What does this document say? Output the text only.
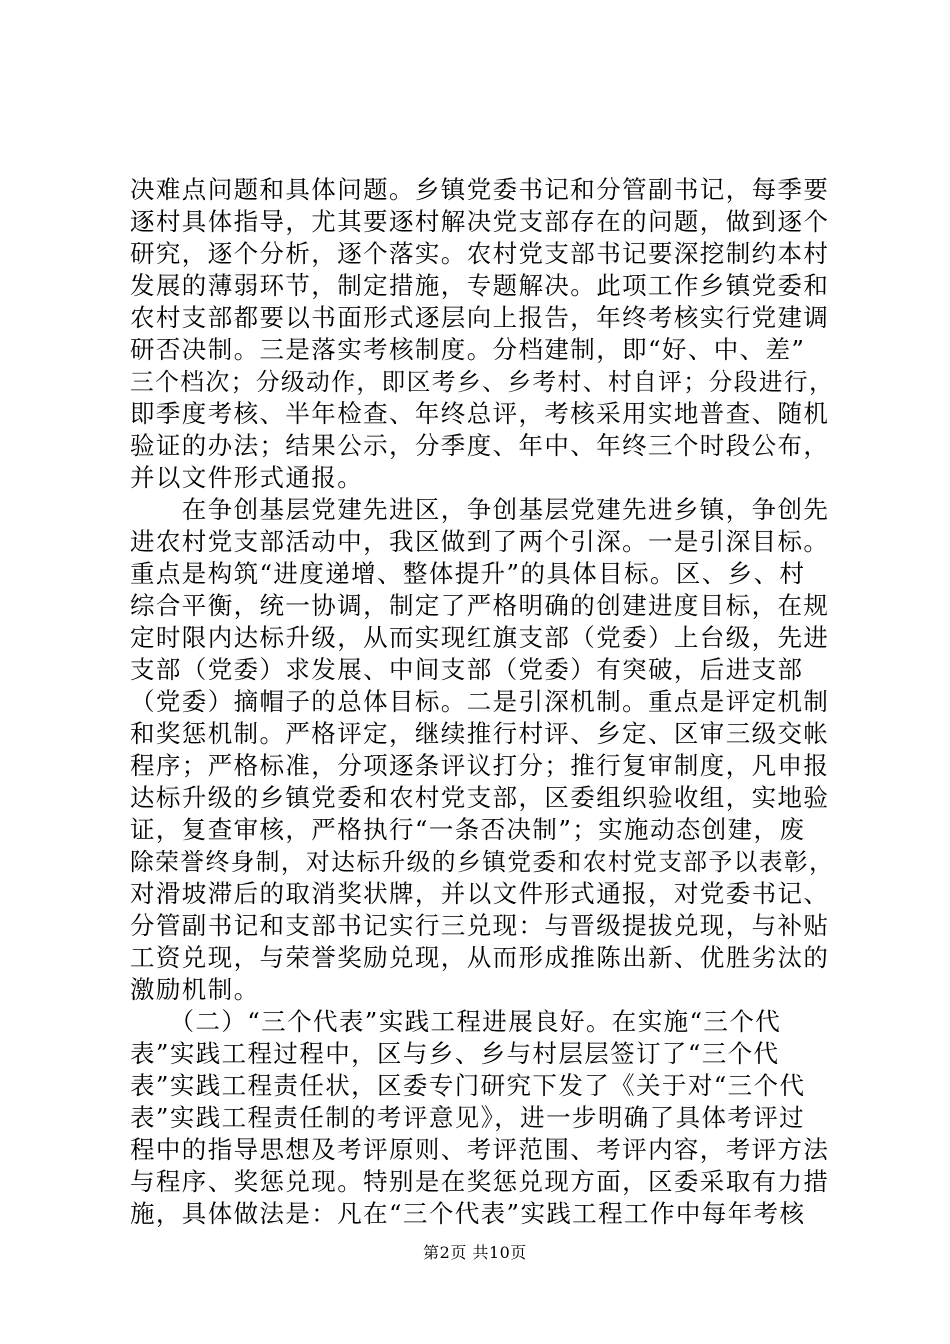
决难点问题和具体问题。乡镇党委书记和分管副书记，每季要
逐村具体指导，尤其要逐村解决党支部存在的问题，做到逐个
研究，逐个分析，逐个落实。农村党支部书记要深挖制约本村
发展的薄弱环节，制定措施，专题解决。此项工作乡镇党委和
农村支部都要以书面形式逐层向上报告，年终考核实行党建调
研否决制。三是落实考核制度。分档建制，即“好、中、差”
三个档次；分级动作，即区考乡、乡考村、村自评；分段进行，
即季度考核、半年检查、年终总评，考核采用实地普查、随机
验证的办法；结果公示，分季度、年中、年终三个时段公布，
并以文件形式通报。
　　在争创基层党建先进区，争创基层党建先进乡镇，争创先
进农村党支部活动中，我区做到了两个引深。一是引深目标。
重点是构筑“进度递增、整体提升”的具体目标。区、乡、村
综合平衡，统一协调，制定了严格明确的创建进度目标，在规
定时限内达标升级，从而实现红旗支部（党委）上台级，先进
支部（党委）求发展、中间支部（党委）有突破，后进支部
（党委）摘帽子的总体目标。二是引深机制。重点是评定机制
和奖惩机制。严格评定，继续推行村评、乡定、区审三级交帐
程序；严格标准，分项逐条评议打分；推行复审制度，凡申报
达标升级的乡镇党委和农村党支部，区委组织验收组，实地验
证，复查审核，严格执行“一条否决制”；实施动态创建，废
除荣誉终身制，对达标升级的乡镇党委和农村党支部予以表彰，
对滑坡滞后的取消奖状牌，并以文件形式通报，对党委书记、
分管副书记和支部书记实行三兑现：与晋级提拔兑现，与补贴
工资兑现，与荣誉奖励兑现，从而形成推陈出新、优胜劣汰的
激励机制。
　　（二）“三个代表”实践工程进展良好。在实施“三个代
表”实践工程过程中，区与乡、乡与村层层签订了“三个代
表”实践工程责任状，区委专门研究下发了《关于对“三个代
表”实践工程责任制的考评意见》，进一步明确了具体考评过
程中的指导思想及考评原则、考评范围、考评内容，考评方法
与程序、奖惩兑现。特别是在奖惩兑现方面，区委采取有力措
施，具体做法是：凡在“三个代表”实践工程工作中每年考核
第2页 共10页
